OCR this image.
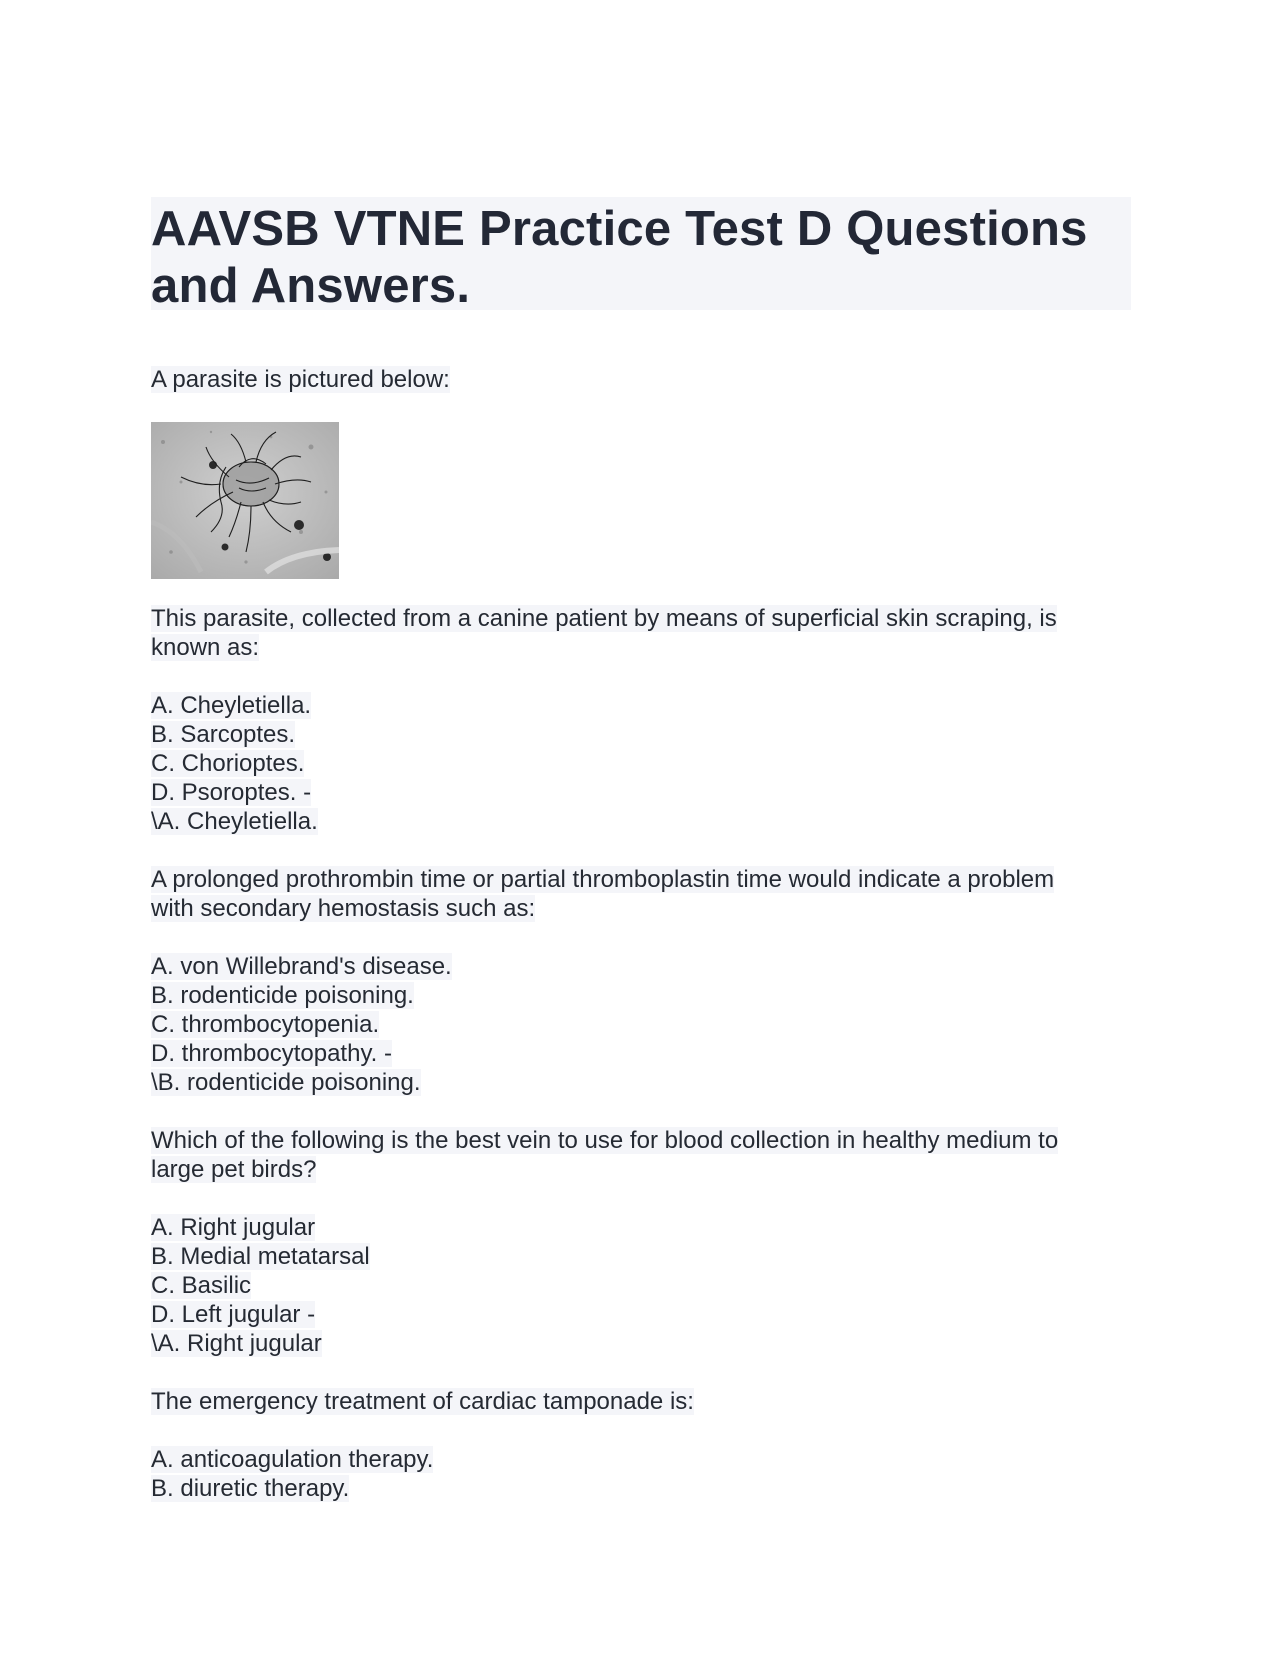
AAVSB VTNE Practice Test D Questions
and Answers.

A parasite is pictured below:

This parasite, collected from a canine patient by means of superficial skin scraping, is
known as:

A. Cheyletiella.
B. Sarcoptes.
C. Chorioptes.
D. Psoroptes. -
\A. Cheyletiella.

A prolonged prothrombin time or partial thromboplastin time would indicate a problem
with secondary hemostasis such as:

A. von Willebrand's disease.
B. rodenticide poisoning.
C. thrombocytopenia.
D. thrombocytopathy. -
\B. rodenticide poisoning.

Which of the following is the best vein to use for blood collection in healthy medium to
large pet birds?

A. Right jugular
B. Medial metatarsal
C. Basilic
D. Left jugular -
\A. Right jugular

The emergency treatment of cardiac tamponade is:

A. anticoagulation therapy.
B. diuretic therapy.
